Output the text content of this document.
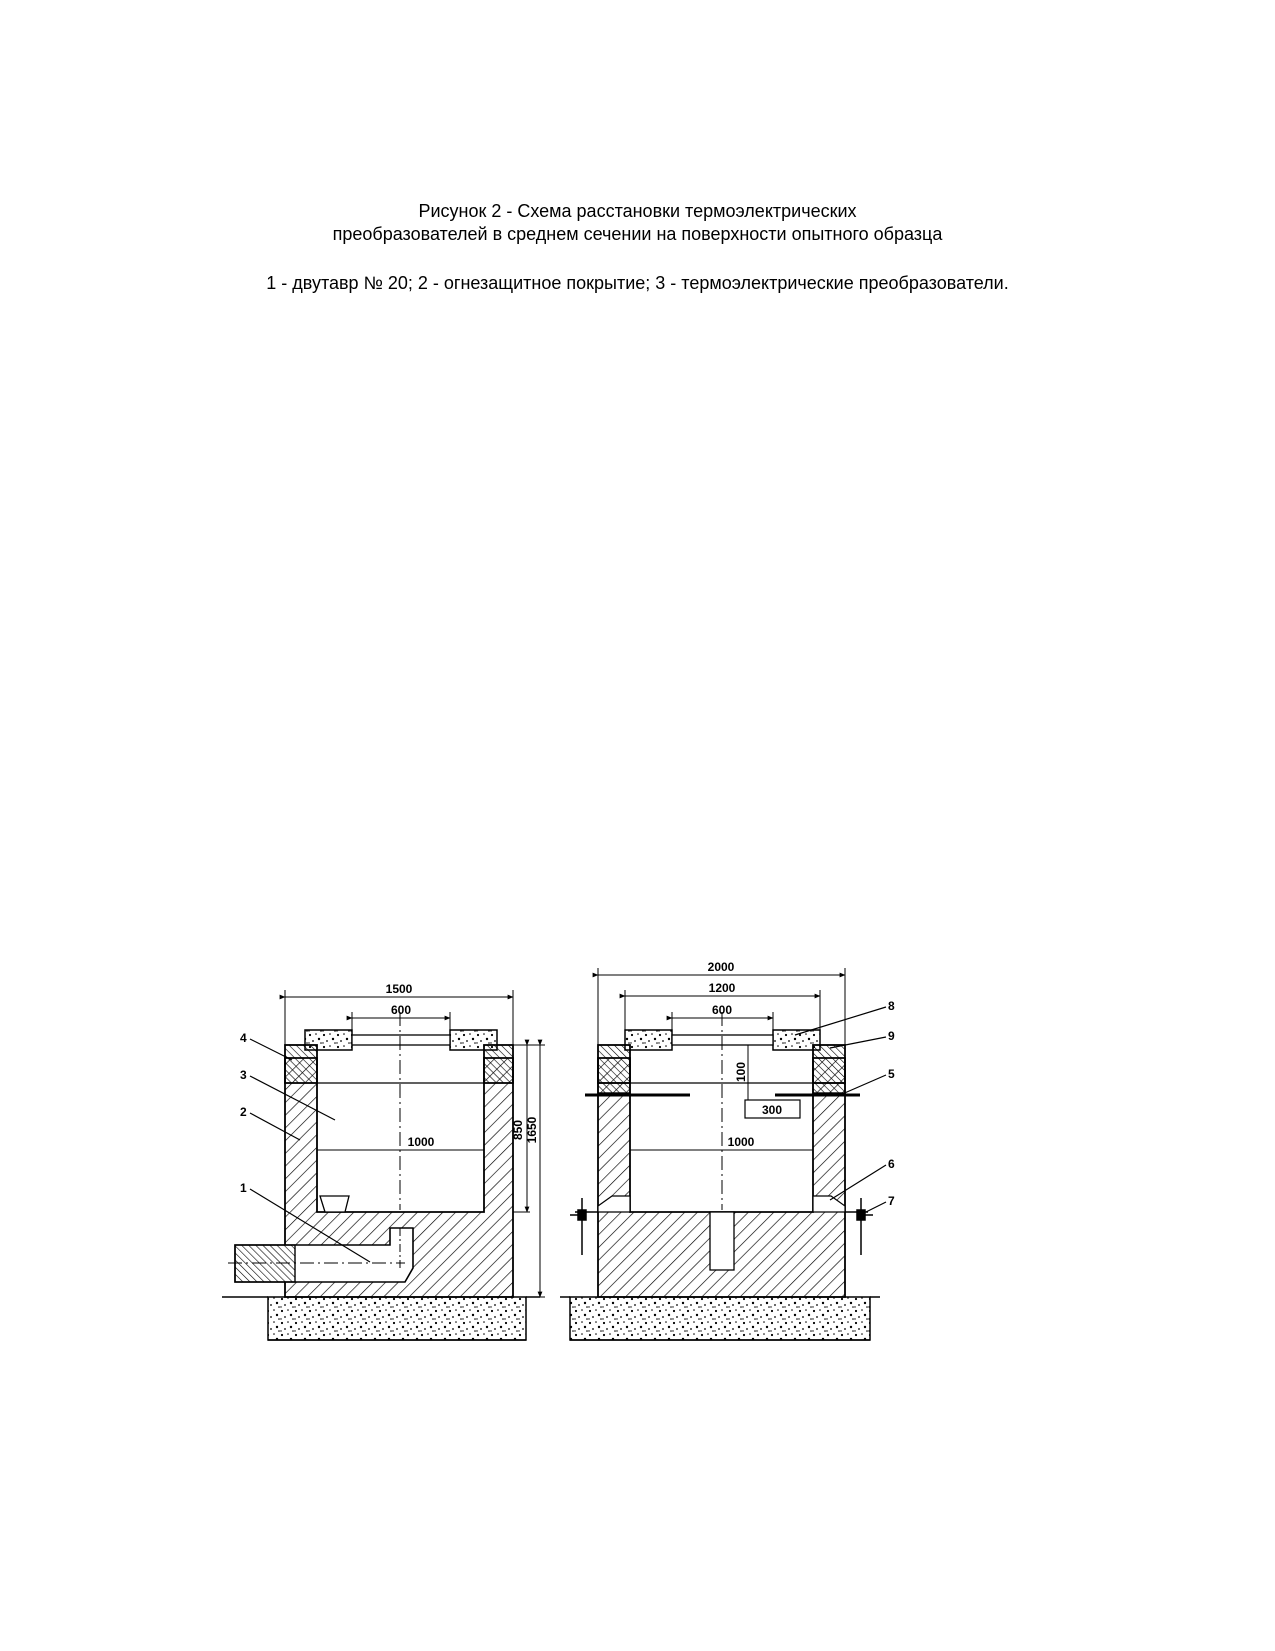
Рисунок 2 - Схема расстановки термоэлектрических
преобразователей в среднем сечении на поверхности опытного образца
1 - двутавр № 20; 2 - огнезащитное покрытие; 3 - термоэлектрические преобразователи.
1500
600
1000
850 1650
4
3
2
1
300
100
2000
1200
600
1000
8
9
5
6
7
